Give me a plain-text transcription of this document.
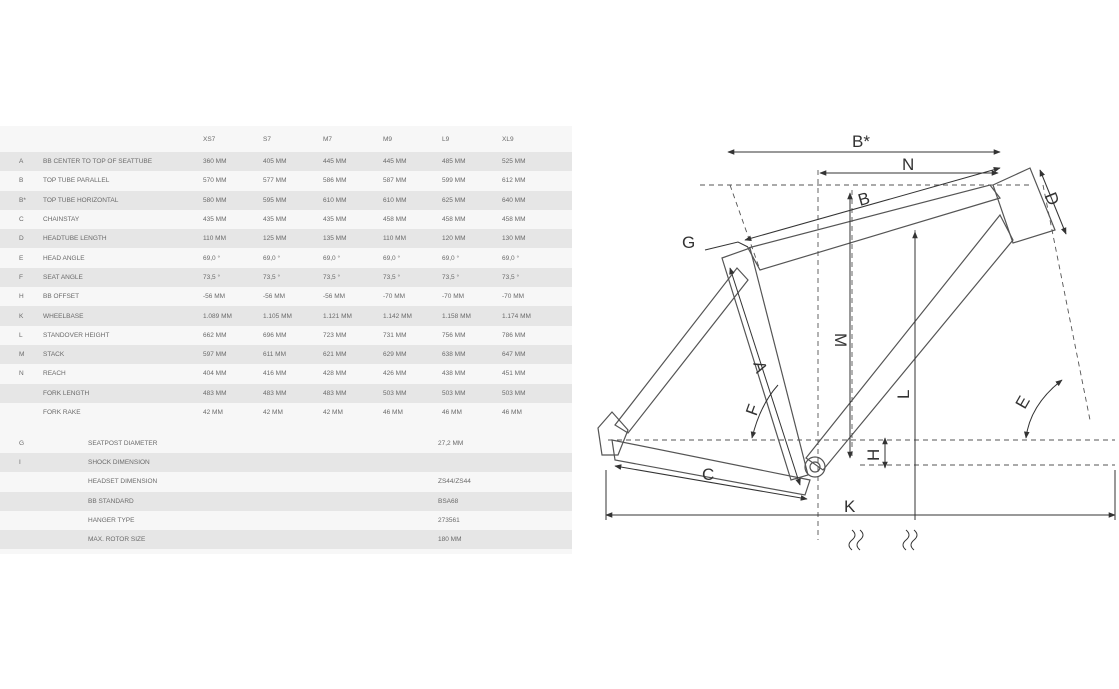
		XS7	S7	M7	M9	L9	XL9
A	BB CENTER TO TOP OF SEATTUBE	360 MM	405 MM	445 MM	445 MM	485 MM	525 MM
B	TOP TUBE PARALLEL	570 MM	577 MM	586 MM	587 MM	599 MM	612 MM
B*	TOP TUBE HORIZONTAL	580 MM	595 MM	610 MM	610 MM	625 MM	640 MM
C	CHAINSTAY	435 MM	435 MM	435 MM	458 MM	458 MM	458 MM
D	HEADTUBE LENGTH	110 MM	125 MM	135 MM	110 MM	120 MM	130 MM
E	HEAD ANGLE	69,0 °	69,0 °	69,0 °	69,0 °	69,0 °	69,0 °
F	SEAT ANGLE	73,5 °	73,5 °	73,5 °	73,5 °	73,5 °	73,5 °
H	BB OFFSET	-56 MM	-56 MM	-56 MM	-70 MM	-70 MM	-70 MM
K	WHEELBASE	1.089 MM	1.105 MM	1.121 MM	1.142 MM	1.158 MM	1.174 MM
L	STANDOVER HEIGHT	662 MM	696 MM	723 MM	731 MM	756 MM	786 MM
M	STACK	597 MM	611 MM	621 MM	629 MM	638 MM	647 MM
N	REACH	404 MM	416 MM	428 MM	426 MM	438 MM	451 MM
	FORK LENGTH	483 MM	483 MM	483 MM	503 MM	503 MM	503 MM
	FORK RAKE	42 MM	42 MM	42 MM	46 MM	46 MM	46 MM
G	SEATPOST DIAMETER	27,2 MM
I	SHOCK DIMENSION	
	HEADSET DIMENSION	ZS44/ZS44
	BB STANDARD	BSA68
	HANGER TYPE	273561
	MAX. ROTOR SIZE	180 MM
B*
N
B	D
G
M
A
F
L	E
H
C
K
